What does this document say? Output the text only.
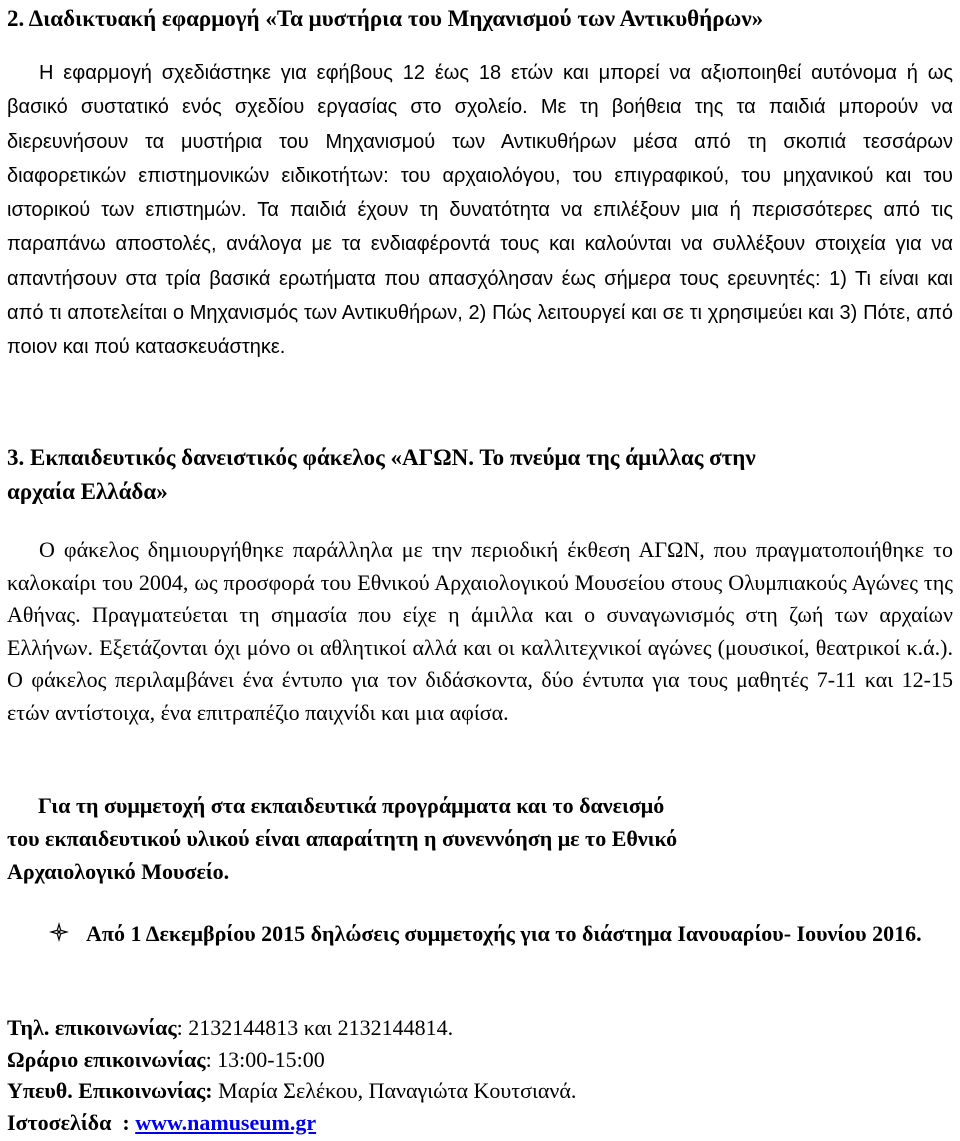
2. Διαδικτυακή εφαρμογή «Τα μυστήρια του Μηχανισμού των Αντικυθήρων»

Η εφαρμογή σχεδιάστηκε για εφήβους 12 έως 18 ετών και μπορεί να αξιοποιηθεί αυτόνομα ή ως βασικό συστατικό ενός σχεδίου εργασίας στο σχολείο. Με τη βοήθεια της τα παιδιά μπορούν να διερευνήσουν τα μυστήρια του Μηχανισμού των Αντικυθήρων μέσα από τη σκοπιά τεσσάρων διαφορετικών επιστημονικών ειδικοτήτων: του αρχαιολόγου, του επιγραφικού, του μηχανικού και του ιστορικού των επιστημών. Τα παιδιά έχουν τη δυνατότητα να επιλέξουν μια ή περισσότερες από τις παραπάνω αποστολές, ανάλογα με τα ενδιαφέροντά τους και καλούνται να συλλέξουν στοιχεία για να απαντήσουν στα τρία βασικά ερωτήματα που απασχόλησαν έως σήμερα τους ερευνητές: 1) Τι είναι και από τι αποτελείται ο Μηχανισμός των Αντικυθήρων, 2) Πώς λειτουργεί και σε τι χρησιμεύει και 3) Πότε, από ποιον και πού κατασκευάστηκε.

3. Εκπαιδευτικός δανειστικός φάκελος «ΑΓΩΝ. Το πνεύμα της άμιλλας στην

αρχαία Ελλάδα»

Ο φάκελος δημιουργήθηκε παράλληλα με την περιοδική έκθεση ΑΓΩΝ, που πραγματοποιήθηκε το καλοκαίρι του 2004, ως προσφορά του Εθνικού Αρχαιολογικού Μουσείου στους Ολυμπιακούς Αγώνες της Αθήνας. Πραγματεύεται τη σημασία που είχε η άμιλλα και ο συναγωνισμός στη ζωή των αρχαίων Ελλήνων. Εξετάζονται όχι μόνο οι αθλητικοί αλλά και οι καλλιτεχνικοί αγώνες (μουσικοί, θεατρικοί κ.ά.). Ο φάκελος περιλαμβάνει ένα έντυπο για τον διδάσκοντα, δύο έντυπα για τους μαθητές 7-11 και 12-15 ετών αντίστοιχα, ένα επιτραπέζιο παιχνίδι και μια αφίσα.

Για τη συμμετοχή στα εκπαιδευτικά προγράμματα και το δανεισμό
του εκπαιδευτικού υλικού είναι απαραίτητη η συνεννόηση με το Εθνικό
Αρχαιολογικό Μουσείο.

Από 1 Δεκεμβρίου 2015 δηλώσεις συμμετοχής για το διάστημα Ιανουαρίου- Ιουνίου 2016.

Τηλ. επικοινωνίας: 2132144813 και 2132144814.
Ωράριο επικοινωνίας: 13:00-15:00
Υπευθ. Επικοινωνίας: Μαρία Σελέκου, Παναγιώτα Κουτσιανά.
Ιστοσελίδα  : www.namuseum.gr
